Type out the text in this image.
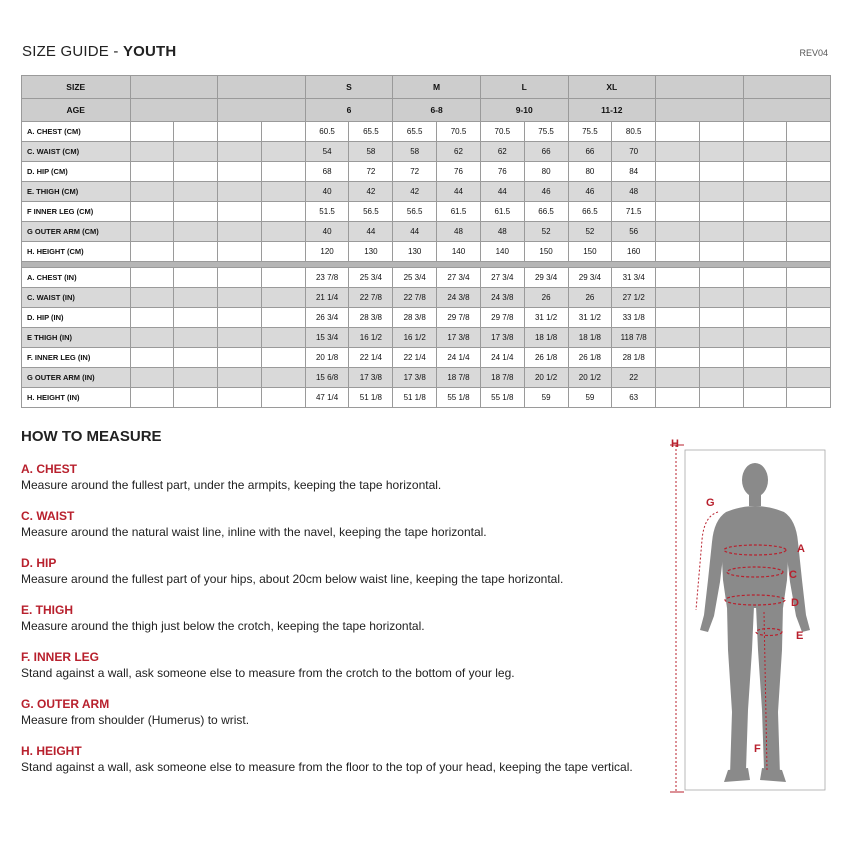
SIZE GUIDE - YOUTH	REV04
SIZE					S		M		L		XL					
AGE					6		6-8		9-10		11-12					
A. CHEST (CM)					60.5	65.5	65.5	70.5	70.5	75.5	75.5	80.5				
C. WAIST (CM)					54	58	58	62	62	66	66	70				
D. HIP (CM)					68	72	72	76	76	80	80	84				
E. THIGH (CM)					40	42	42	44	44	46	46	48				
F INNER LEG (CM)					51.5	56.5	56.5	61.5	61.5	66.5	66.5	71.5				
G OUTER ARM (CM)					40	44	44	48	48	52	52	56				
H. HEIGHT (CM)					120	130	130	140	140	150	150	160				

A. CHEST (IN)					23 7/8	25 3/4	25 3/4	27 3/4	27 3/4	29 3/4	29 3/4	31 3/4				
C. WAIST (IN)					21 1/4	22 7/8	22 7/8	24 3/8	24 3/8	26	26	27 1/2				
D. HIP (IN)					26 3/4	28 3/8	28 3/8	29 7/8	29 7/8	31 1/2	31 1/2	33 1/8				
E THIGH (IN)					15 3/4	16 1/2	16 1/2	17 3/8	17 3/8	18 1/8	18 1/8	118 7/8				
F. INNER LEG (IN)					20 1/8	22 1/4	22 1/4	24 1/4	24 1/4	26 1/8	26 1/8	28 1/8				
G OUTER ARM (IN)					15 6/8	17 3/8	17 3/8	18 7/8	18 7/8	20 1/2	20 1/2	22				
H. HEIGHT (IN)					47 1/4	51 1/8	51 1/8	55 1/8	55 1/8	59	59	63				
HOW TO MEASURE
A. CHEST
Measure around the fullest part, under the armpits, keeping the tape horizontal.
C. WAIST
Measure around the natural waist line, inline with the navel, keeping the tape horizontal.
D. HIP
Measure around the fullest part of your hips, about 20cm below waist line, keeping the tape horizontal.
E. THIGH
Measure around the thigh just below the crotch, keeping the tape horizontal.
F. INNER LEG
Stand against a wall, ask someone else to measure from the crotch to the bottom of your leg.
G. OUTER ARM
Measure from shoulder (Humerus) to wrist.
H. HEIGHT
Stand against a wall, ask someone else to measure from the floor to the top of your head, keeping the tape vertical.
H
G
A
C
D
E
F
